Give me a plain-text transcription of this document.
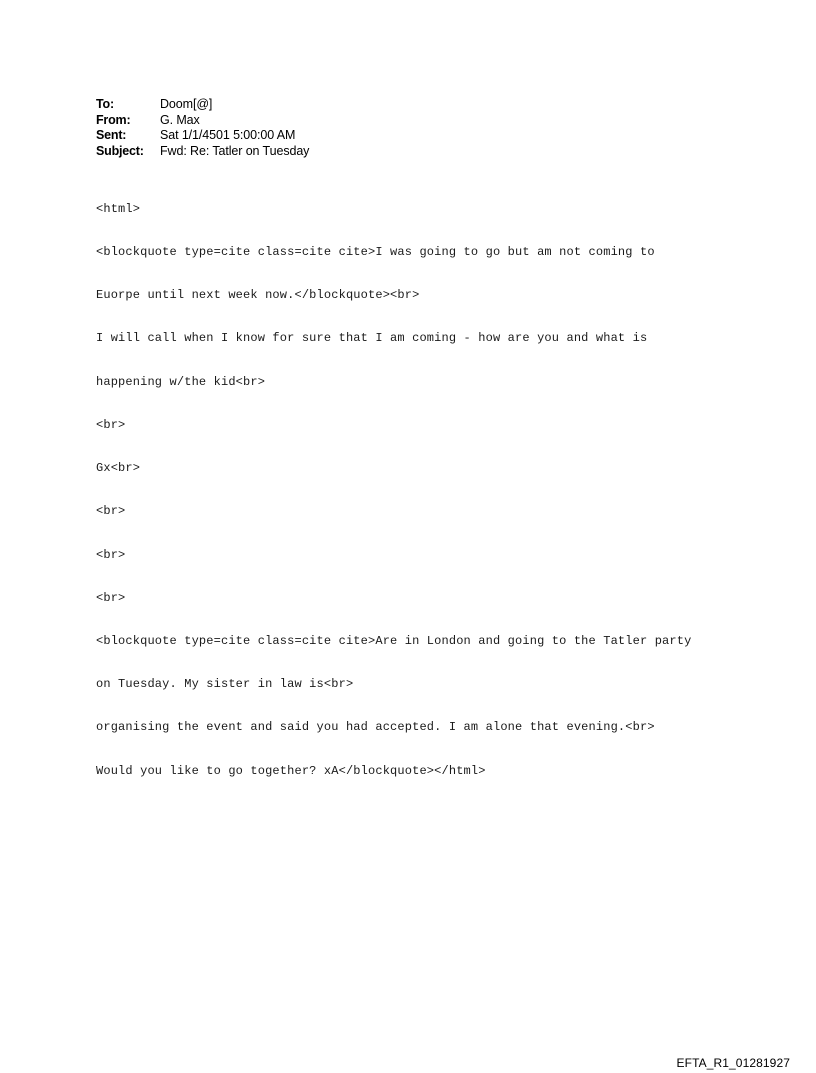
To:	Doom[@]
From:	G. Max
Sent:	Sat 1/1/4501 5:00:00 AM
Subject:	Fwd: Re: Tatler on Tuesday

<html>

<blockquote type=cite class=cite cite>I was going to go but am not coming to

Euorpe until next week now.</blockquote><br>

I will call when I know for sure that I am coming - how are you and what is

happening w/the kid<br>

<br>

Gx<br>

<br>

<br>

<br>

<blockquote type=cite class=cite cite>Are in London and going to the Tatler party

on Tuesday. My sister in law is<br>

organising the event and said you had accepted. I am alone that evening.<br>

Would you like to go together? xA</blockquote></html>

EFTA_R1_01281927
